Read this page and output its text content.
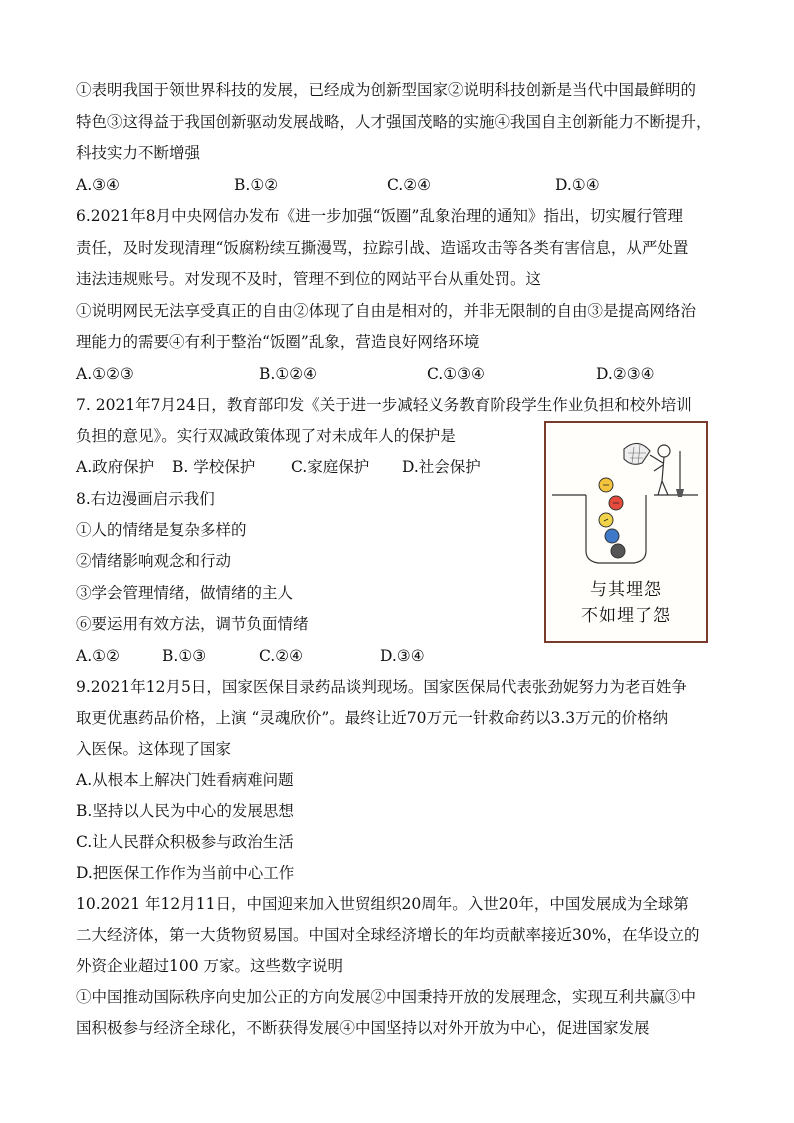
①表明我国于领世界科技的发展，已经成为创新型国家②说明科技创新是当代中国最鲜明的
特色③这得益于我国创新驱动发展战略，人才强国茂略的实施④我国自主创新能力不断提升，
科技实力不断增强
A.③④	B.①②	C.②④	D.①④
6.2021年8月中央网信办发布《进一步加强“饭圈”乱象治理的通知》指出，切实履行管理
责任，及时发现清理“饭腐粉续互撕漫骂，拉踪引战、造谣攻击等各类有害信息，从严处置
违法违规账号。对发现不及时，管理不到位的网站平台从重处罚。这
①说明网民无法享受真正的自由②体现了自由是相对的，并非无限制的自由③是提高网络治
理能力的需要④有利于整治“饭圈”乱象，营造良好网络环境
A.①②③	B.①②④	C.①③④	D.②③④
7. 2021年7月24日，教育部印发《关于进一步减轻义务教育阶段学生作业负担和校外培训
负担的意见》。实行双减政策体现了对未成年人的保护是
A.政府保护 B. 学校保护 C.家庭保护 D.社会保护
8.右边漫画启示我们
①人的情绪是复杂多样的
②情绪影响观念和行动
③学会管理情绪，做情绪的主人
⑥要运用有效方法，调节负面情绪
A.①②	B.①③	C.②④	D.③④
与其埋怨
不如埋了怨
9.2021年12月5日，国家医保目录药品谈判现场。国家医保局代表张劲妮努力为老百姓争
取更优惠药品价格，上演 “灵魂欣价”。最终让近70万元一针救命药以3.3万元的价格纳
入医保。这体现了国家
A.从根本上解决门姓看病难问题
B.坚持以人民为中心的发展思想
C.让人民群众积极参与政治生活
D.把医保工作作为当前中心工作
10.2021 年12月11日，中国迎来加入世贸组织20周年。入世20年，中国发展成为全球第
二大经济体，第一大货物贸易国。中国对全球经济增长的年均贡献率接近30%，在华设立的
外资企业超过100 万家。这些数字说明
①中国推动国际秩序向史加公正的方向发展②中国秉持开放的发展理念，实现互利共赢③中
国积极参与经济全球化，不断获得发展④中国坚持以对外开放为中心，促进国家发展
